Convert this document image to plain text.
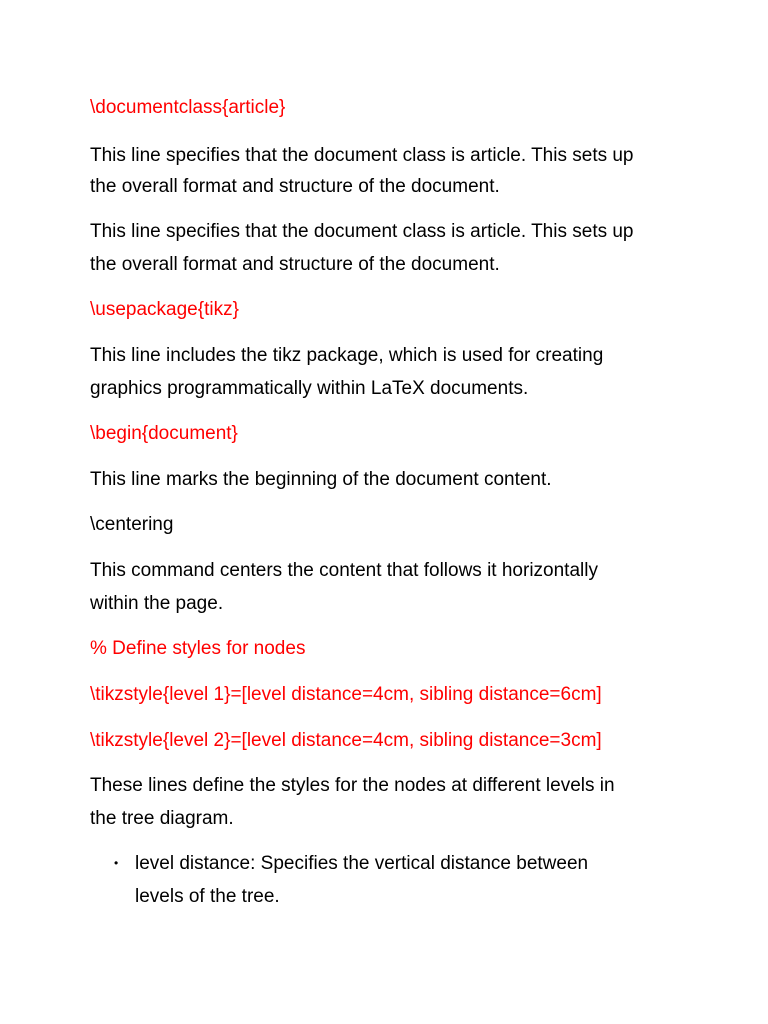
\documentclass{article}
This line specifies that the document class is article. This sets up
the overall format and structure of the document.
This line specifies that the document class is article. This sets up
the overall format and structure of the document.
\usepackage{tikz}
This line includes the tikz package, which is used for creating
graphics programmatically within LaTeX documents.
\begin{document}
This line marks the beginning of the document content.
\centering
This command centers the content that follows it horizontally
within the page.
% Define styles for nodes
\tikzstyle{level 1}=[level distance=4cm, sibling distance=6cm]
\tikzstyle{level 2}=[level distance=4cm, sibling distance=3cm]
These lines define the styles for the nodes at different levels in
the tree diagram.
• level distance: Specifies the vertical distance between
levels of the tree.
